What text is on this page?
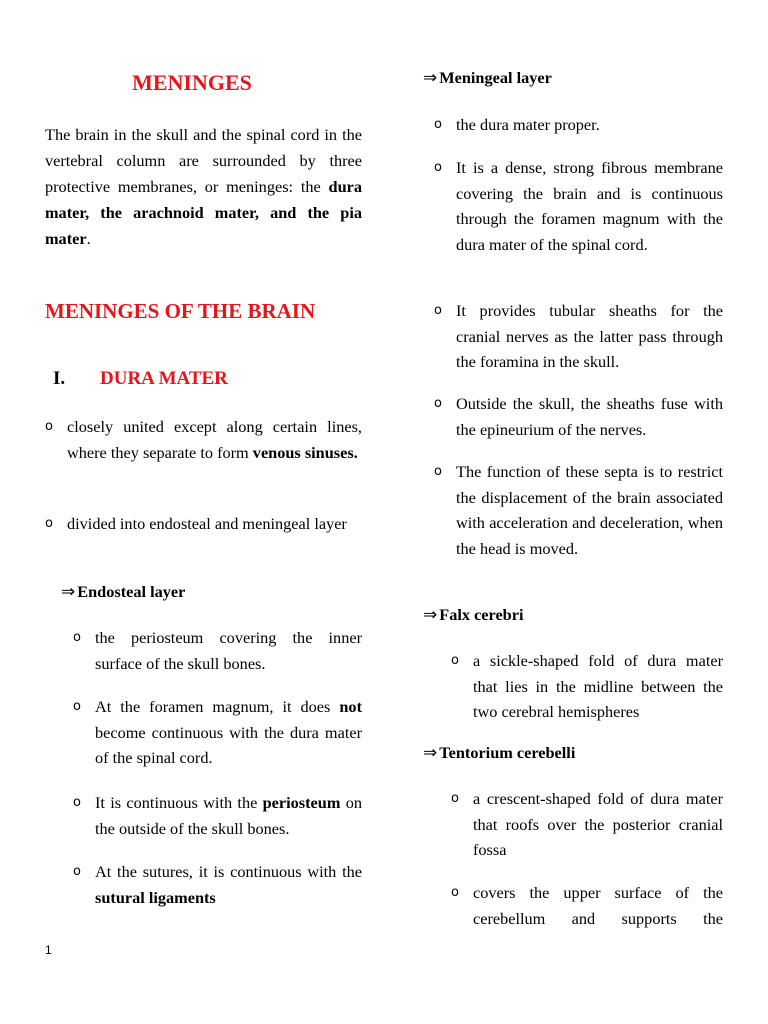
MENINGES
The brain in the skull and the spinal cord in the vertebral column are surrounded by three protective membranes, or meninges: the dura mater, the arachnoid mater, and the pia mater.
MENINGES OF THE BRAIN
I. DURA MATER
o closely united except along certain lines, where they separate to form venous sinuses.
o divided into endosteal and meningeal layer
⇒ Endosteal layer
o the periosteum covering the inner surface of the skull bones.
o At the foramen magnum, it does not become continuous with the dura mater of the spinal cord.
o It is continuous with the periosteum on the outside of the skull bones.
o At the sutures, it is continuous with the sutural ligaments
⇒ Meningeal layer
o the dura mater proper.
o It is a dense, strong fibrous membrane covering the brain and is continuous through the foramen magnum with the dura mater of the spinal cord.
o It provides tubular sheaths for the cranial nerves as the latter pass through the foramina in the skull.
o Outside the skull, the sheaths fuse with the epineurium of the nerves.
o The function of these septa is to restrict the displacement of the brain associated with acceleration and deceleration, when the head is moved.
⇒ Falx cerebri
o a sickle-shaped fold of dura mater that lies in the midline between the two cerebral hemispheres
⇒ Tentorium cerebelli
o a crescent-shaped fold of dura mater that roofs over the posterior cranial fossa
o covers the upper surface of the cerebellum and supports the
1
